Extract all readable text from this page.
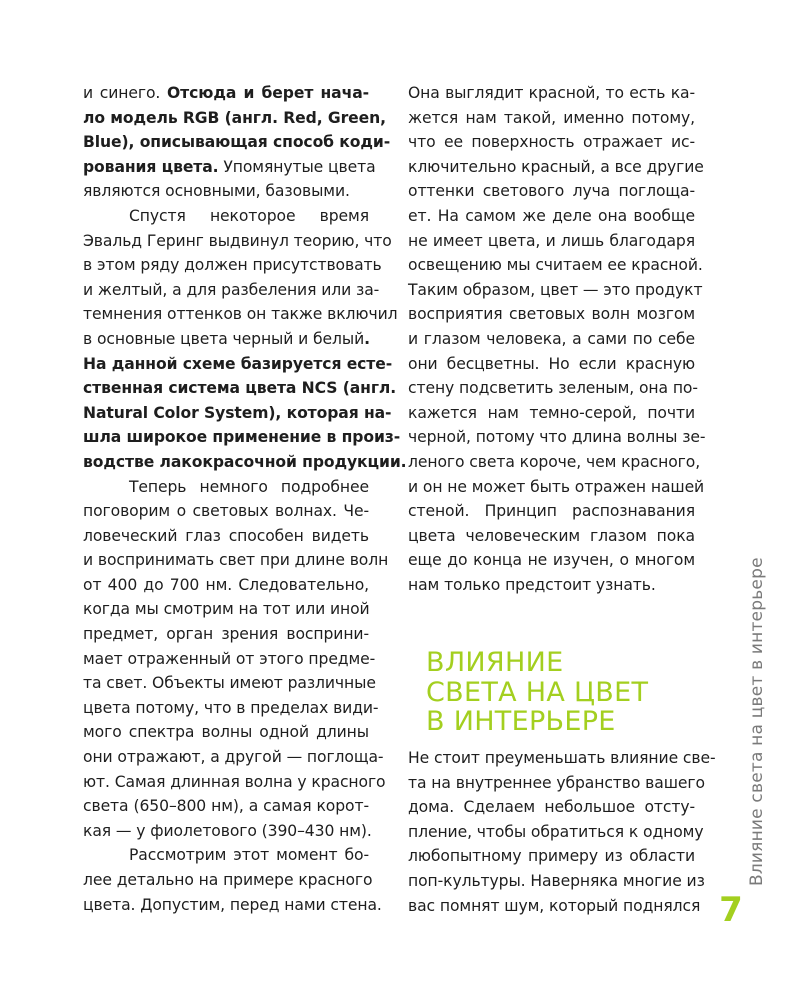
и синего. Отсюда и берет нача-
ло модель RGB (англ. Red, Green,
Blue), описывающая способ коди-
рования цвета. Упомянутые цвета
являются основными, базовыми.
Спустя некоторое время
Эвальд Геринг выдвинул теорию, что
в этом ряду должен присутствовать
и желтый, а для разбеления или за-
темнения оттенков он также включил
в основные цвета черный и белый.
На данной схеме базируется есте-
ственная система цвета NCS (англ.
Natural Color System), которая на-
шла широкое применение в произ-
водстве лакокрасочной продукции.
Теперь немного подробнее
поговорим о световых волнах. Че-
ловеческий глаз способен видеть
и воспринимать свет при длине волн
от 400 до 700 нм. Следовательно,
когда мы смотрим на тот или иной
предмет, орган зрения восприни-
мает отраженный от этого предме-
та свет. Объекты имеют различные
цвета потому, что в пределах види-
мого спектра волны одной длины
они отражают, а другой — поглоща-
ют. Самая длинная волна у красного
света (650–800 нм), а самая корот-
кая — у фиолетового (390–430 нм).
Рассмотрим этот момент бо-
лее детально на примере красного
цвета. Допустим, перед нами стена.
Она выглядит красной, то есть ка-
жется нам такой, именно потому,
что ее поверхность отражает ис-
ключительно красный, а все другие
оттенки светового луча поглоща-
ет. На самом же деле она вообще
не имеет цвета, и лишь благодаря
освещению мы считаем ее красной.
Таким образом, цвет — это продукт
восприятия световых волн мозгом
и глазом человека, а сами по себе
они бесцветны. Но если красную
стену подсветить зеленым, она по-
кажется нам темно-серой, почти
черной, потому что длина волны зе-
леного света короче, чем красного,
и он не может быть отражен нашей
стеной. Принцип распознавания
цвета человеческим глазом пока
еще до конца не изучен, о многом
нам только предстоит узнать.
ВЛИЯНИЕ
СВЕТА НА ЦВЕТ
В ИНТЕРЬЕРЕ
Не стоит преуменьшать влияние све-
та на внутреннее убранство вашего
дома. Сделаем небольшое отсту-
пление, чтобы обратиться к одному
любопытному примеру из области
поп-культуры. Наверняка многие из
вас помнят шум, который поднялся
Влияние света на цвет в интерьере
7
